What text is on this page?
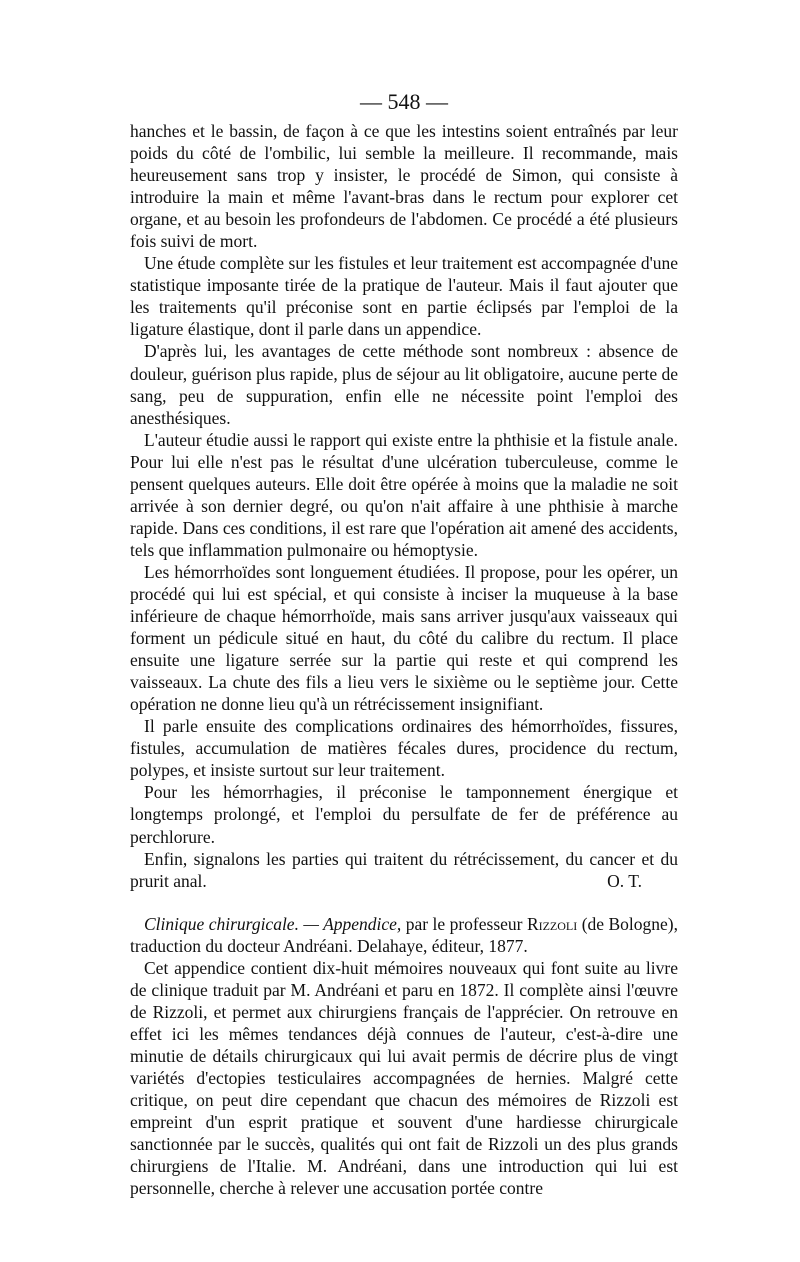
— 548 —

hanches et le bassin, de façon à ce que les intestins soient entraînés par leur poids du côté de l'ombilic, lui semble la meilleure. Il recommande, mais heureusement sans trop y insister, le procédé de Simon, qui consiste à introduire la main et même l'avant-bras dans le rectum pour explorer cet organe, et au besoin les profondeurs de l'abdomen. Ce procédé a été plusieurs fois suivi de mort.

Une étude complète sur les fistules et leur traitement est accompagnée d'une statistique imposante tirée de la pratique de l'auteur. Mais il faut ajouter que les traitements qu'il préconise sont en partie éclipsés par l'emploi de la ligature élastique, dont il parle dans un appendice.

D'après lui, les avantages de cette méthode sont nombreux : absence de douleur, guérison plus rapide, plus de séjour au lit obligatoire, aucune perte de sang, peu de suppuration, enfin elle ne nécessite point l'emploi des anesthésiques.

L'auteur étudie aussi le rapport qui existe entre la phthisie et la fistule anale. Pour lui elle n'est pas le résultat d'une ulcération tuberculeuse, comme le pensent quelques auteurs. Elle doit être opérée à moins que la maladie ne soit arrivée à son dernier degré, ou qu'on n'ait affaire à une phthisie à marche rapide. Dans ces conditions, il est rare que l'opération ait amené des accidents, tels que inflammation pulmonaire ou hémoptysie.

Les hémorrhoïdes sont longuement étudiées. Il propose, pour les opérer, un procédé qui lui est spécial, et qui consiste à inciser la muqueuse à la base inférieure de chaque hémorrhoïde, mais sans arriver jusqu'aux vaisseaux qui forment un pédicule situé en haut, du côté du calibre du rectum. Il place ensuite une ligature serrée sur la partie qui reste et qui comprend les vaisseaux. La chute des fils a lieu vers le sixième ou le septième jour. Cette opération ne donne lieu qu'à un rétrécissement insignifiant.

Il parle ensuite des complications ordinaires des hémorrhoïdes, fissures, fistules, accumulation de matières fécales dures, procidence du rectum, polypes, et insiste surtout sur leur traitement.

Pour les hémorrhagies, il préconise le tamponnement énergique et longtemps prolongé, et l'emploi du persulfate de fer de préférence au perchlorure.

Enfin, signalons les parties qui traitent du rétrécissement, du cancer et du prurit anal.	O. T.

Clinique chirurgicale. — Appendice, par le professeur Rizzoli (de Bologne), traduction du docteur Andréani. Delahaye, éditeur, 1877.

Cet appendice contient dix-huit mémoires nouveaux qui font suite au livre de clinique traduit par M. Andréani et paru en 1872. Il complète ainsi l'œuvre de Rizzoli, et permet aux chirurgiens français de l'apprécier. On retrouve en effet ici les mêmes tendances déjà connues de l'auteur, c'est-à-dire une minutie de détails chirurgicaux qui lui avait permis de décrire plus de vingt variétés d'ectopies testiculaires accompagnées de hernies. Malgré cette critique, on peut dire cependant que chacun des mémoires de Rizzoli est empreint d'un esprit pratique et souvent d'une hardiesse chirurgicale sanctionnée par le succès, qualités qui ont fait de Rizzoli un des plus grands chirurgiens de l'Italie. M. Andréani, dans une introduction qui lui est personnelle, cherche à relever une accusation portée contre
